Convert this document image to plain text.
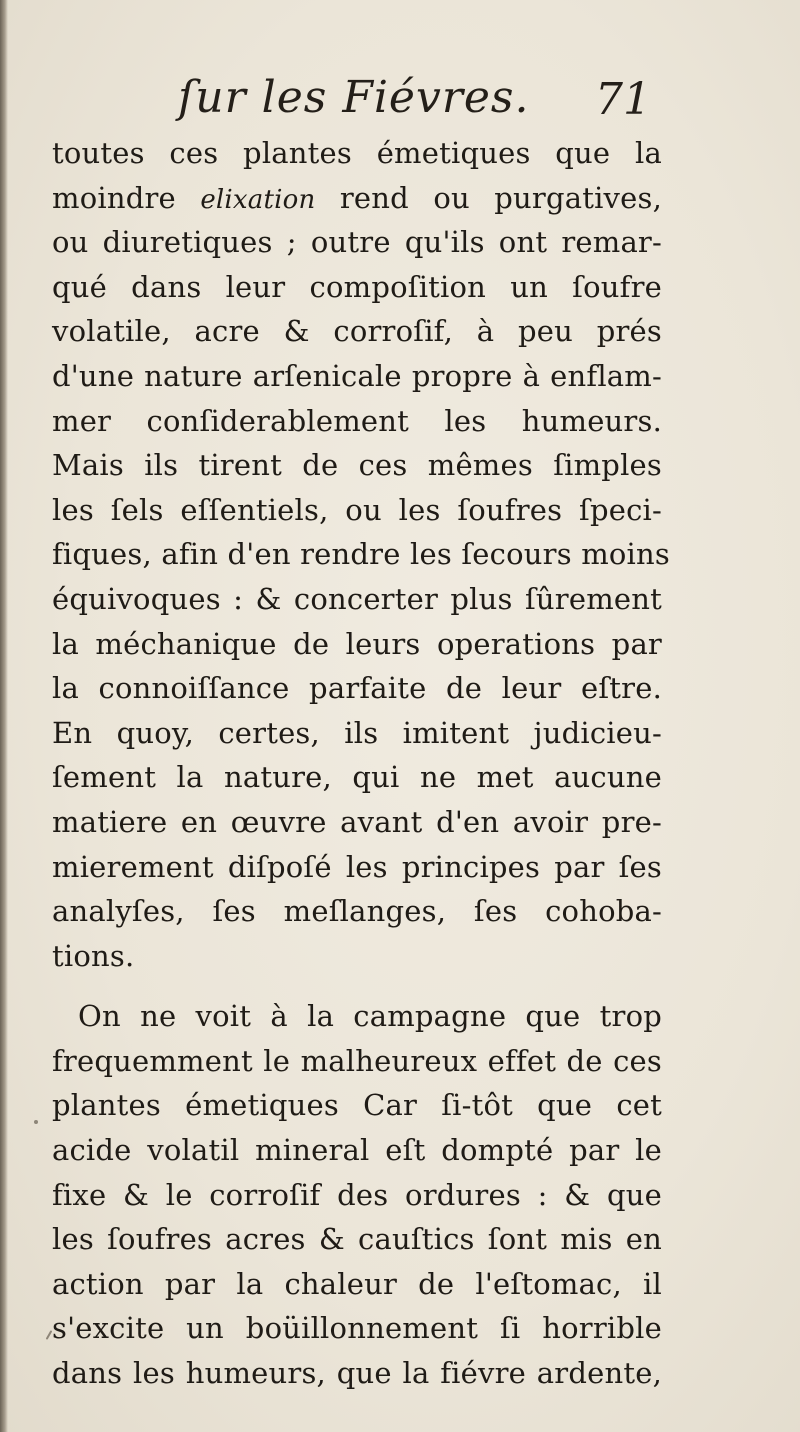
ſur les Fiévres. 71
toutes ces plantes émetiques que la
moindre elixation rend ou purgatives,
ou diuretiques ; outre qu'ils ont remar-
qué dans leur compoſition un ſoufre
volatile, acre & corroſif, à peu prés
d'une nature arſenicale propre à enflam-
mer conſiderablement les humeurs.
Mais ils tirent de ces mêmes ſimples
les ſels eſſentiels, ou les ſoufres ſpeci-
fiques, afin d'en rendre les ſecours moins
équivoques : & concerter plus ſûrement
la méchanique de leurs operations par
la connoiſſance parfaite de leur eſtre.
En quoy, certes, ils imitent judicieu-
ſement la nature, qui ne met aucune
matiere en œuvre avant d'en avoir pre-
mierement diſpoſé les principes par ſes
analyſes, ſes meſlanges, ſes cohoba-
tions.
On ne voit à la campagne que trop
frequemment le malheureux effet de ces
plantes émetiques Car ſi-tôt que cet
acide volatil mineral eſt dompté par le
fixe & le corroſif des ordures : & que
les ſoufres acres & cauſtics ſont mis en
action par la chaleur de l'eſtomac, il
s'excite un boüillonnement ſi horrible
dans les humeurs, que la fiévre ardente,
